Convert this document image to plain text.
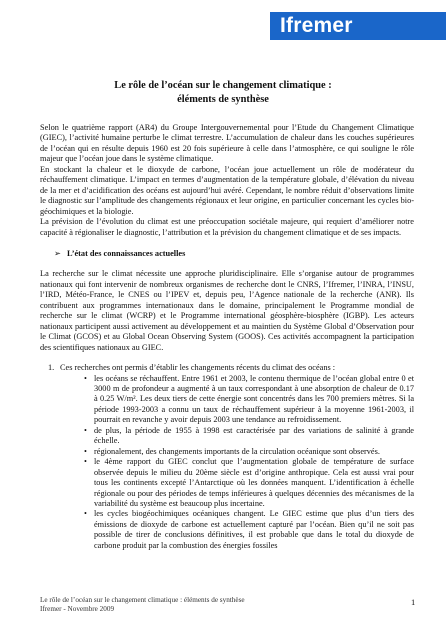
Ifremer
Le rôle de l’océan sur le changement climatique :
éléments de synthèse

Selon le quatrième rapport (AR4) du Groupe Intergouvernemental pour l’Etude du Changement Climatique (GIEC), l’activité humaine perturbe le climat terrestre. L’accumulation de chaleur dans les couches supérieures de l’océan qui en résulte depuis 1960 est 20 fois supérieure à celle dans l’atmosphère, ce qui souligne le rôle majeur que l’océan joue dans le système climatique.

En stockant la chaleur et le dioxyde de carbone, l’océan joue actuellement un rôle de modérateur du réchauffement climatique. L’impact en termes d’augmentation de la température globale, d’élévation du niveau de la mer et d’acidification des océans est aujourd’hui avéré. Cependant, le nombre réduit d’observations limite le diagnostic sur l’amplitude des changements régionaux et leur origine, en particulier concernant les cycles bio-géochimiques et la biologie.

La prévision de l’évolution du climat est une préoccupation sociétale majeure, qui requiert d’améliorer notre capacité à régionaliser le diagnostic, l’attribution et la prévision du changement climatique et de ses impacts.

➢ L’état des connaissances actuelles

La recherche sur le climat nécessite une approche pluridisciplinaire. Elle s’organise autour de programmes nationaux qui font intervenir de nombreux organismes de recherche dont le CNRS, l’Ifremer, l’INRA, l’INSU, l’IRD, Météo-France, le CNES ou l’IPEV et, depuis peu, l’Agence nationale de la recherche (ANR). Ils contribuent aux programmes internationaux dans le domaine, principalement le Programme mondial de recherche sur le climat (WCRP) et le Programme international géosphère-biosphère (IGBP). Les acteurs nationaux participent aussi activement au développement et au maintien du Système Global d’Observation pour le Climat (GCOS) et au Global Ocean Observing System (GOOS). Ces activités accompagnent la participation des scientifiques nationaux au GIEC.

1. Ces recherches ont permis d’établir les changements récents du climat des océans :
• les océans se réchauffent. Entre 1961 et 2003, le contenu thermique de l’océan global entre 0 et 3000 m de profondeur a augmenté à un taux correspondant à une absorption de chaleur de 0.17 à 0.25 W/m². Les deux tiers de cette énergie sont concentrés dans les 700 premiers mètres. Si la période 1993-2003 a connu un taux de réchauffement supérieur à la moyenne 1961-2003, il pourrait en revanche y avoir depuis 2003 une tendance au refroidissement.
• de plus, la période de 1955 à 1998 est caractérisée par des variations de salinité à grande échelle.
• régionalement, des changements importants de la circulation océanique sont observés.
• le 4ème rapport du GIEC conclut que l’augmentation globale de température de surface observée depuis le milieu du 20ème siècle est d’origine anthropique. Cela est aussi vrai pour tous les continents excepté l’Antarctique où les données manquent. L’identification à échelle régionale ou pour des périodes de temps inférieures à quelques décennies des mécanismes de la variabilité du système est beaucoup plus incertaine.
• les cycles biogéochimiques océaniques changent. Le GIEC estime que plus d’un tiers des émissions de dioxyde de carbone est actuellement capturé par l’océan. Bien qu’il ne soit pas possible de tirer de conclusions définitives, il est probable que dans le total du dioxyde de carbone produit par la combustion des énergies fossiles
Le rôle de l’océan sur le changement climatique : éléments de synthèse
Ifremer - Novembre 2009
1
